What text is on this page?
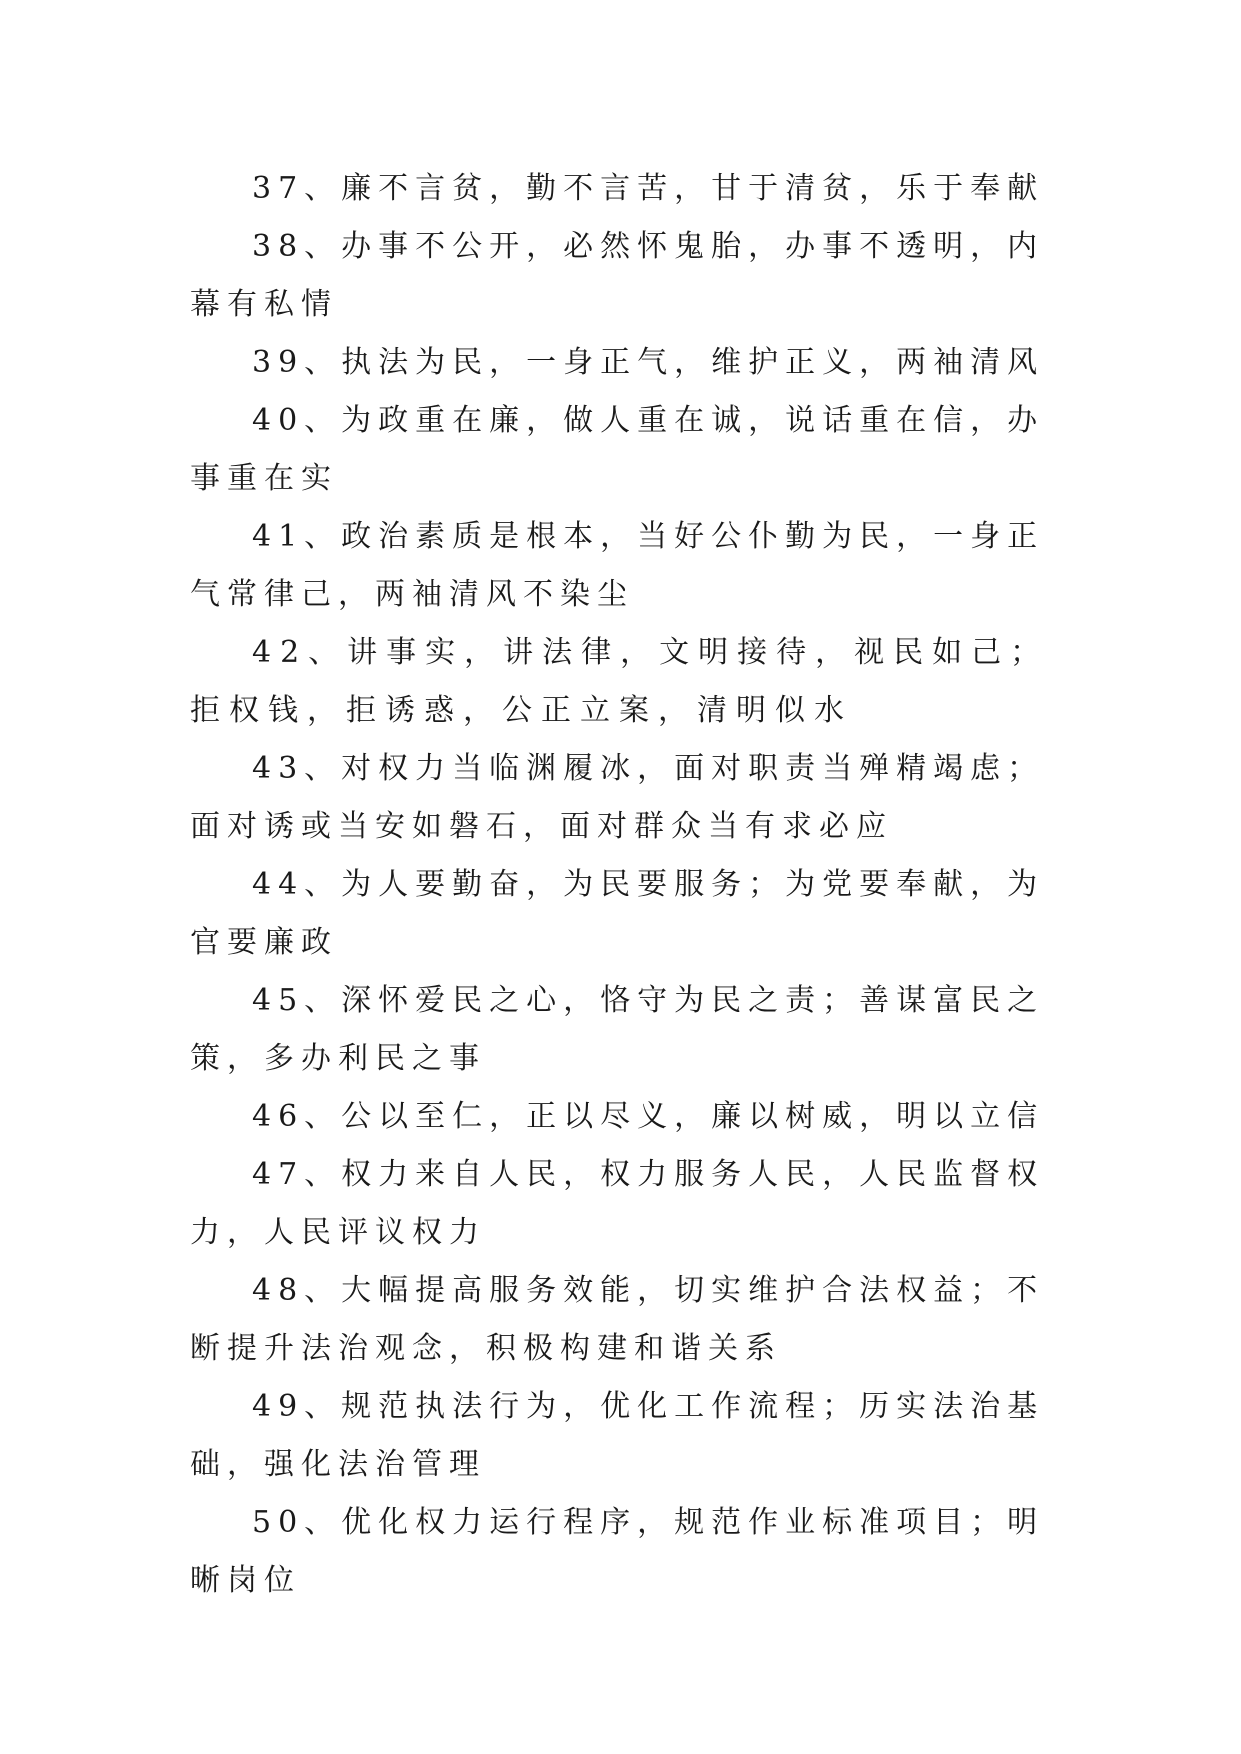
37、廉不言贫，勤不言苦，甘于清贫，乐于奉献

38、办事不公开，必然怀鬼胎，办事不透明，内幕有私情

39、执法为民，一身正气，维护正义，两袖清风

40、为政重在廉，做人重在诚，说话重在信，办事重在实

41、政治素质是根本，当好公仆勤为民，一身正气常律己，两袖清风不染尘

42、讲事实，讲法律，文明接待，视民如己；拒权钱，拒诱惑，公正立案，清明似水

43、对权力当临渊履冰，面对职责当殚精竭虑；面对诱或当安如磐石，面对群众当有求必应

44、为人要勤奋，为民要服务；为党要奉献，为官要廉政

45、深怀爱民之心，恪守为民之责；善谋富民之策，多办利民之事

46、公以至仁，正以尽义，廉以树威，明以立信

47、权力来自人民，权力服务人民，人民监督权力，人民评议权力

48、大幅提高服务效能，切实维护合法权益；不断提升法治观念，积极构建和谐关系

49、规范执法行为，优化工作流程；历实法治基础，强化法治管理

50、优化权力运行程序，规范作业标准项目；明晰岗位
